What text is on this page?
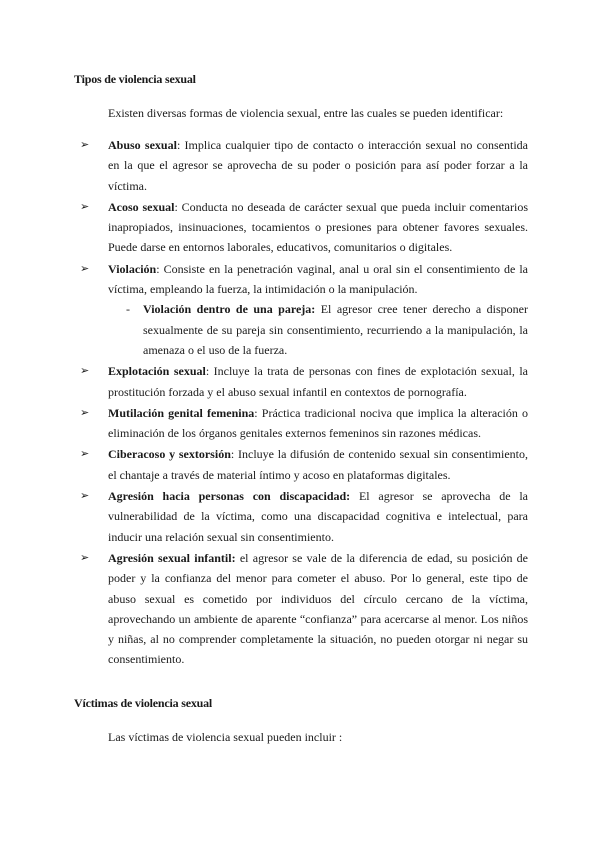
Tipos de violencia sexual
Existen diversas formas de violencia sexual, entre las cuales se pueden identificar:
➢ Abuso sexual: Implica cualquier tipo de contacto o interacción sexual no consentida en la que el agresor se aprovecha de su poder o posición para así poder forzar a la víctima.
➢ Acoso sexual: Conducta no deseada de carácter sexual que pueda incluir comentarios inapropiados, insinuaciones, tocamientos o presiones para obtener favores sexuales. Puede darse en entornos laborales, educativos, comunitarios o digitales.
➢ Violación: Consiste en la penetración vaginal, anal u oral sin el consentimiento de la víctima, empleando la fuerza, la intimidación o la manipulación.
- Violación dentro de una pareja: El agresor cree tener derecho a disponer sexualmente de su pareja sin consentimiento, recurriendo a la manipulación, la amenaza o el uso de la fuerza.
➢ Explotación sexual: Incluye la trata de personas con fines de explotación sexual, la prostitución forzada y el abuso sexual infantil en contextos de pornografía.
➢ Mutilación genital femenina: Práctica tradicional nociva que implica la alteración o eliminación de los órganos genitales externos femeninos sin razones médicas.
➢ Ciberacoso y sextorsión: Incluye la difusión de contenido sexual sin consentimiento, el chantaje a través de material íntimo y acoso en plataformas digitales.
➢ Agresión hacia personas con discapacidad: El agresor se aprovecha de la vulnerabilidad de la víctima, como una discapacidad cognitiva e intelectual, para inducir una relación sexual sin consentimiento.
➢ Agresión sexual infantil: el agresor se vale de la diferencia de edad, su posición de poder y la confianza del menor para cometer el abuso. Por lo general, este tipo de abuso sexual es cometido por individuos del círculo cercano de la víctima, aprovechando un ambiente de aparente “confianza” para acercarse al menor. Los niños y niñas, al no comprender completamente la situación, no pueden otorgar ni negar su consentimiento.
Víctimas de violencia sexual
Las víctimas de violencia sexual pueden incluir :
